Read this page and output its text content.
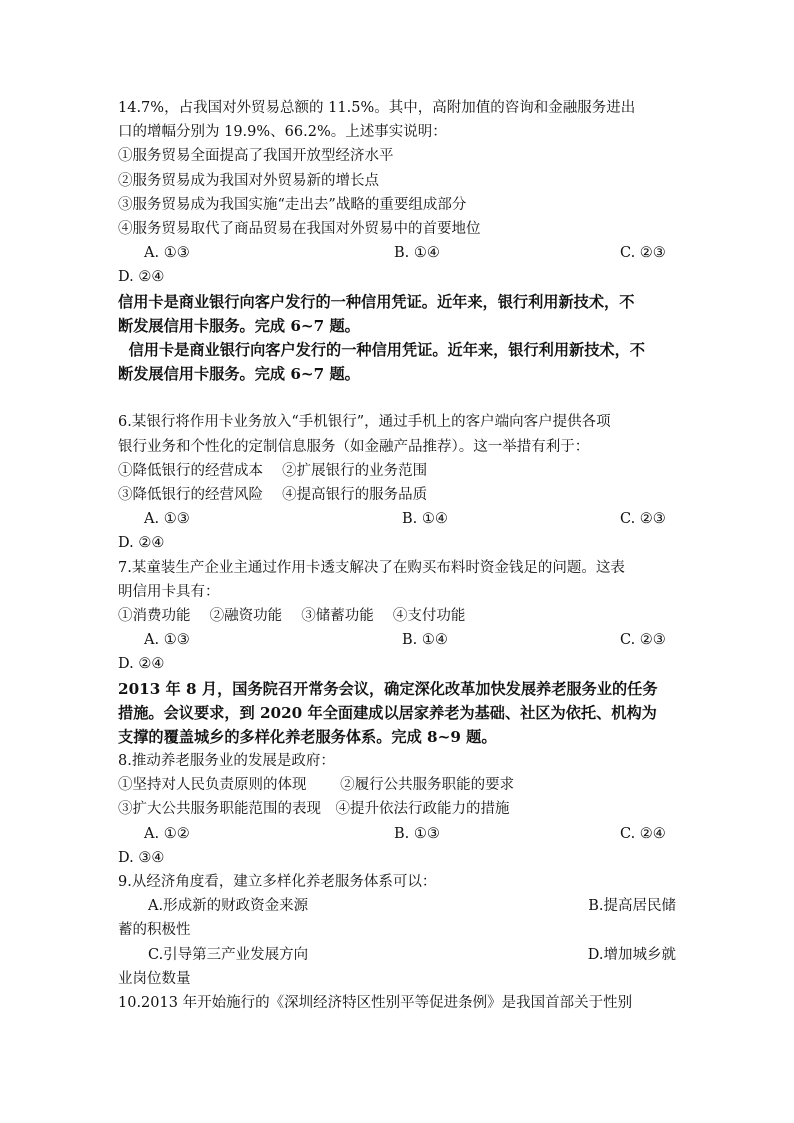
14.7%，占我国对外贸易总额的 11.5%。其中，高附加值的咨询和金融服务进出
口的增幅分别为 19.9%、66.2%。上述事实说明：
①服务贸易全面提高了我国开放型经济水平
②服务贸易成为我国对外贸易新的增长点
③服务贸易成为我国实施“走出去”战略的重要组成部分
④服务贸易取代了商品贸易在我国对外贸易中的首要地位
A. ①③	B. ①④	C. ②③
D. ②④
信用卡是商业银行向客户发行的一种信用凭证。近年来，银行利用新技术，不
断发展信用卡服务。完成 6~7 题。
信用卡是商业银行向客户发行的一种信用凭证。近年来，银行利用新技术，不
断发展信用卡服务。完成 6~7 题。
6.某银行将作用卡业务放入“手机银行”，通过手机上的客户端向客户提供各项
银行业务和个性化的定制信息服务（如金融产品推荐）。这一举措有利于：
①降低银行的经营成本　 ②扩展银行的业务范围
③降低银行的经营风险　 ④提高银行的服务品质
A. ①③	B. ①④	C. ②③
D. ②④
7.某童装生产企业主通过作用卡透支解决了在购买布料时资金钱足的问题。这表
明信用卡具有：
①消费功能　 ②融资功能　 ③储蓄功能　 ④支付功能
A. ①③	B. ①④	C. ②③
D. ②④
2013 年 8 月，国务院召开常务会议，确定深化改革加快发展养老服务业的任务
措施。会议要求，到 2020 年全面建成以居家养老为基础、社区为依托、机构为
支撑的覆盖城乡的多样化养老服务体系。完成 8~9 题。
8.推动养老服务业的发展是政府：
①坚持对人民负责原则的体现　　 ②履行公共服务职能的要求
③扩大公共服务职能范围的表现　④提升依法行政能力的措施
A. ①②	B. ①③	C. ②④
D. ③④
9.从经济角度看，建立多样化养老服务体系可以：
A.形成新的财政资金来源	B.提高居民储
蓄的积极性
C.引导第三产业发展方向	D.增加城乡就
业岗位数量
10.2013 年开始施行的《深圳经济特区性别平等促进条例》是我国首部关于性别
